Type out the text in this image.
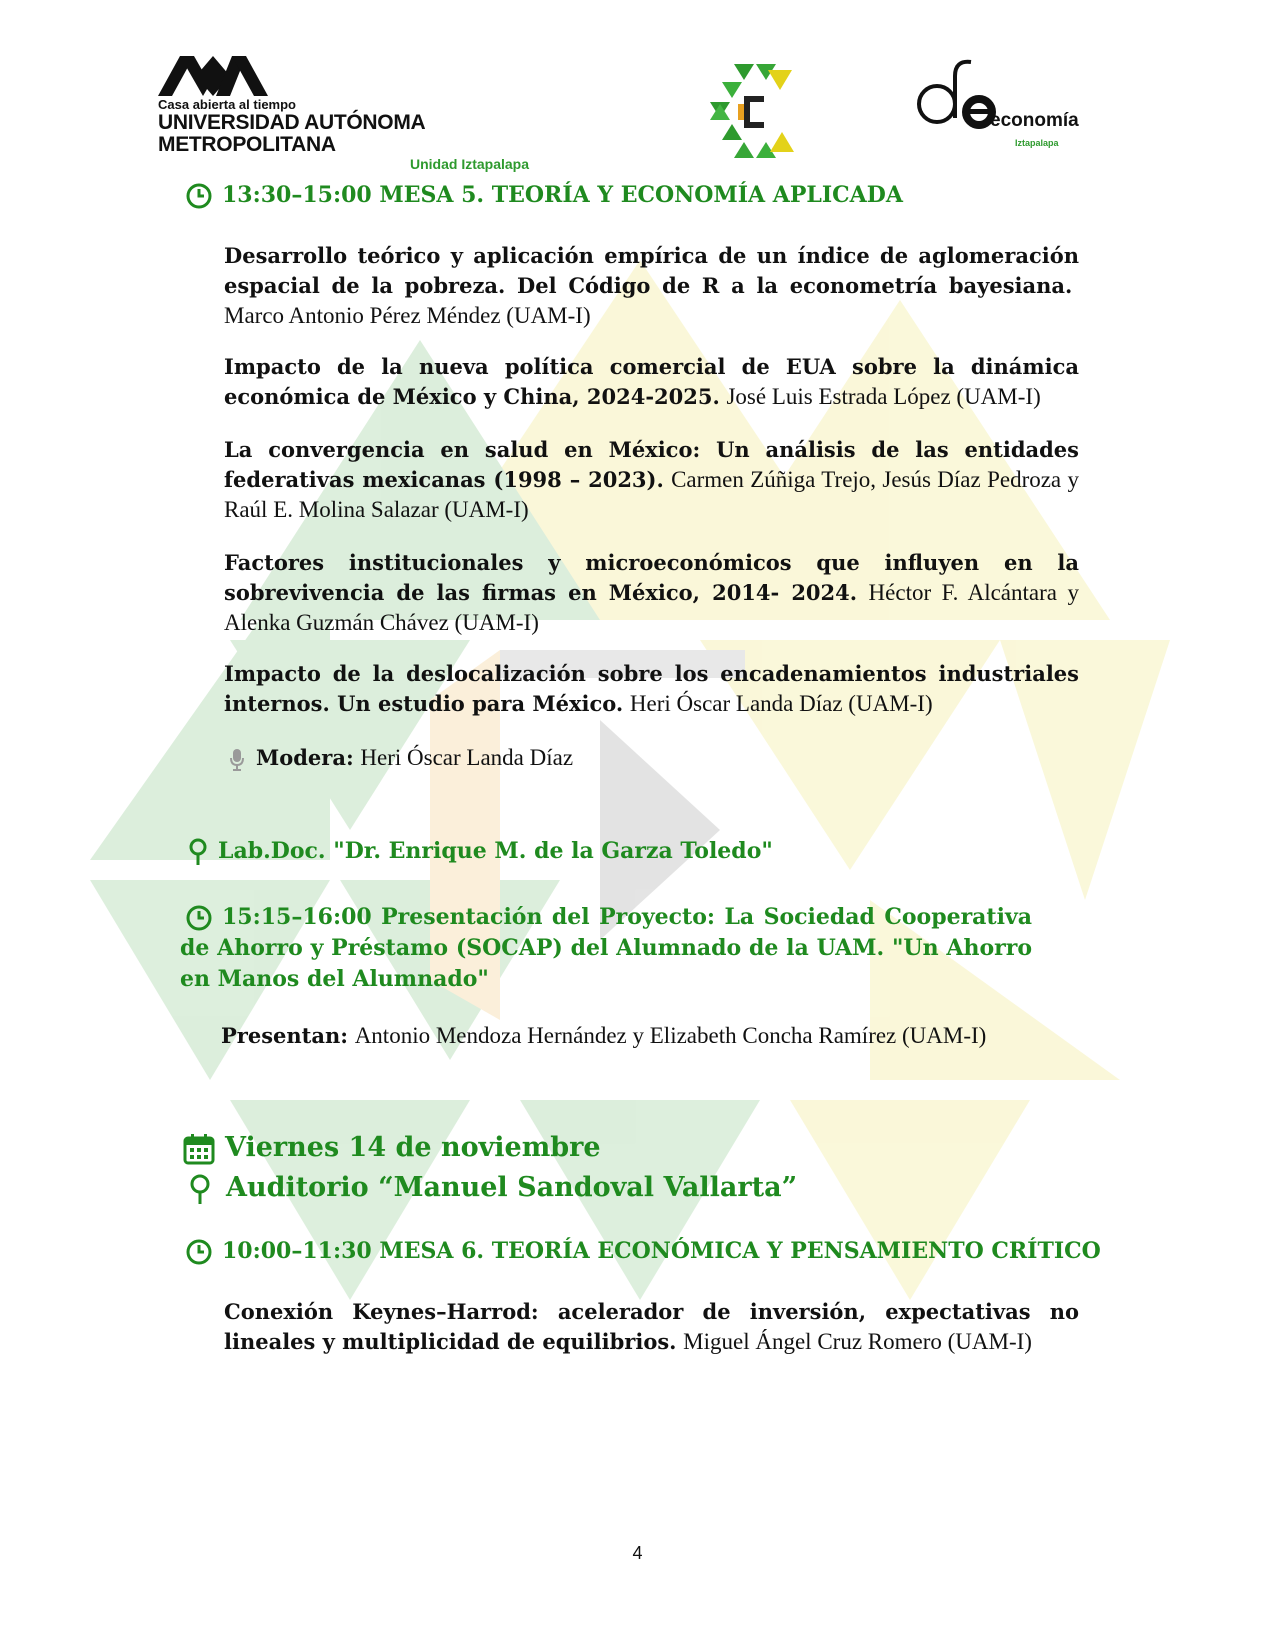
Casa abierta al tiempo
UNIVERSIDAD AUTÓNOMA METROPOLITANA
Unidad Iztapalapa
economía
Iztapalapa
13:30–15:00 MESA 5. TEORÍA Y ECONOMÍA APLICADA
Desarrollo teórico y aplicación empírica de un índice de aglomeración espacial de la pobreza. Del Código de R a la econometría bayesiana.  Marco Antonio Pérez Méndez (UAM-I)
Impacto de la nueva política comercial de EUA sobre la dinámica económica de México y China, 2024-2025. José Luis Estrada López (UAM-I)
La convergencia en salud en México: Un análisis de las entidades federativas mexicanas (1998 – 2023). Carmen Zúñiga Trejo, Jesús Díaz Pedroza y Raúl E. Molina Salazar (UAM-I)
Factores institucionales y microeconómicos que influyen en la sobrevivencia de las firmas en México, 2014- 2024. Héctor F. Alcántara y Alenka Guzmán Chávez (UAM-I)
Impacto de la deslocalización sobre los encadenamientos industriales internos. Un estudio para México. Heri Óscar Landa Díaz (UAM-I)
Modera: Heri Óscar Landa Díaz
Lab.Doc. "Dr. Enrique M. de la Garza Toledo"
15:15–16:00 Presentación del Proyecto: La Sociedad Cooperativa de Ahorro y Préstamo (SOCAP) del Alumnado de la UAM. "Un Ahorro en Manos del Alumnado"
Presentan: Antonio Mendoza Hernández y Elizabeth Concha Ramírez (UAM-I)
Viernes 14 de noviembre
Auditorio “Manuel Sandoval Vallarta”
10:00–11:30 MESA 6. TEORÍA ECONÓMICA Y PENSAMIENTO CRÍTICO
Conexión Keynes–Harrod: acelerador de inversión, expectativas no lineales y multiplicidad de equilibrios. Miguel Ángel Cruz Romero (UAM-I)
4
